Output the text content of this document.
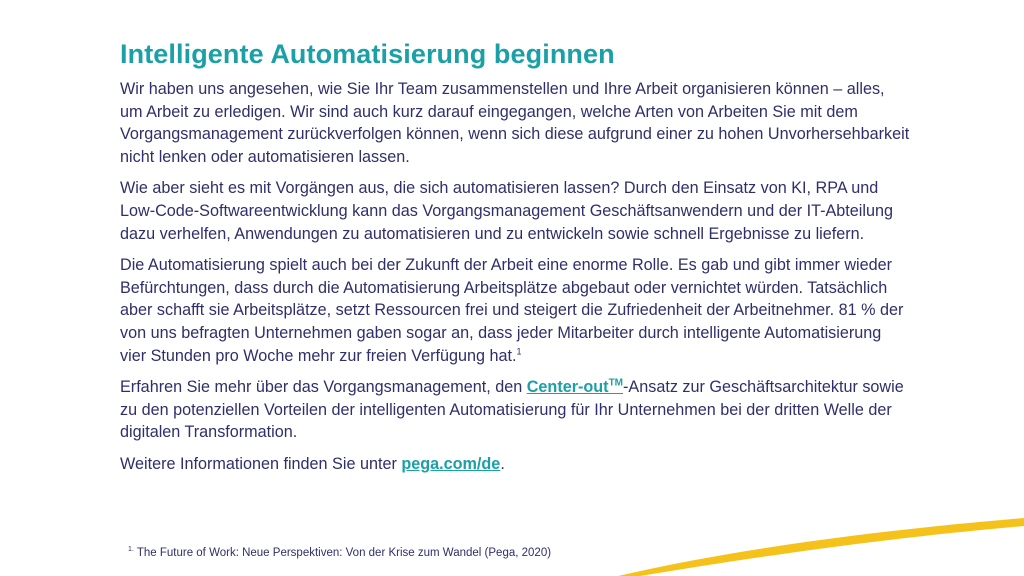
Intelligente Automatisierung beginnen

Wir haben uns angesehen, wie Sie Ihr Team zusammenstellen und Ihre Arbeit organisieren können – alles, um Arbeit zu erledigen. Wir sind auch kurz darauf eingegangen, welche Arten von Arbeiten Sie mit dem Vorgangsmanagement zurückverfolgen können, wenn sich diese aufgrund einer zu hohen Unvorhersehbarkeit nicht lenken oder automatisieren lassen.

Wie aber sieht es mit Vorgängen aus, die sich automatisieren lassen? Durch den Einsatz von KI, RPA und Low-Code-Softwareentwicklung kann das Vorgangsmanagement Geschäftsanwendern und der IT-Abteilung dazu verhelfen, Anwendungen zu automatisieren und zu entwickeln sowie schnell Ergebnisse zu liefern.

Die Automatisierung spielt auch bei der Zukunft der Arbeit eine enorme Rolle. Es gab und gibt immer wieder Befürchtungen, dass durch die Automatisierung Arbeitsplätze abgebaut oder vernichtet würden. Tatsächlich aber schafft sie Arbeitsplätze, setzt Ressourcen frei und steigert die Zufriedenheit der Arbeitnehmer. 81 % der von uns befragten Unternehmen gaben sogar an, dass jeder Mitarbeiter durch intelligente Automatisierung vier Stunden pro Woche mehr zur freien Verfügung hat.$^1$

Erfahren Sie mehr über das Vorgangsmanagement, den Center-out™-Ansatz zur Geschäftsarchitektur sowie zu den potenziellen Vorteilen der intelligenten Automatisierung für Ihr Unternehmen bei der dritten Welle der digitalen Transformation.

Weitere Informationen finden Sie unter pega.com/de.

$^{1.}$ The Future of Work: Neue Perspektiven: Von der Krise zum Wandel (Pega, 2020)
